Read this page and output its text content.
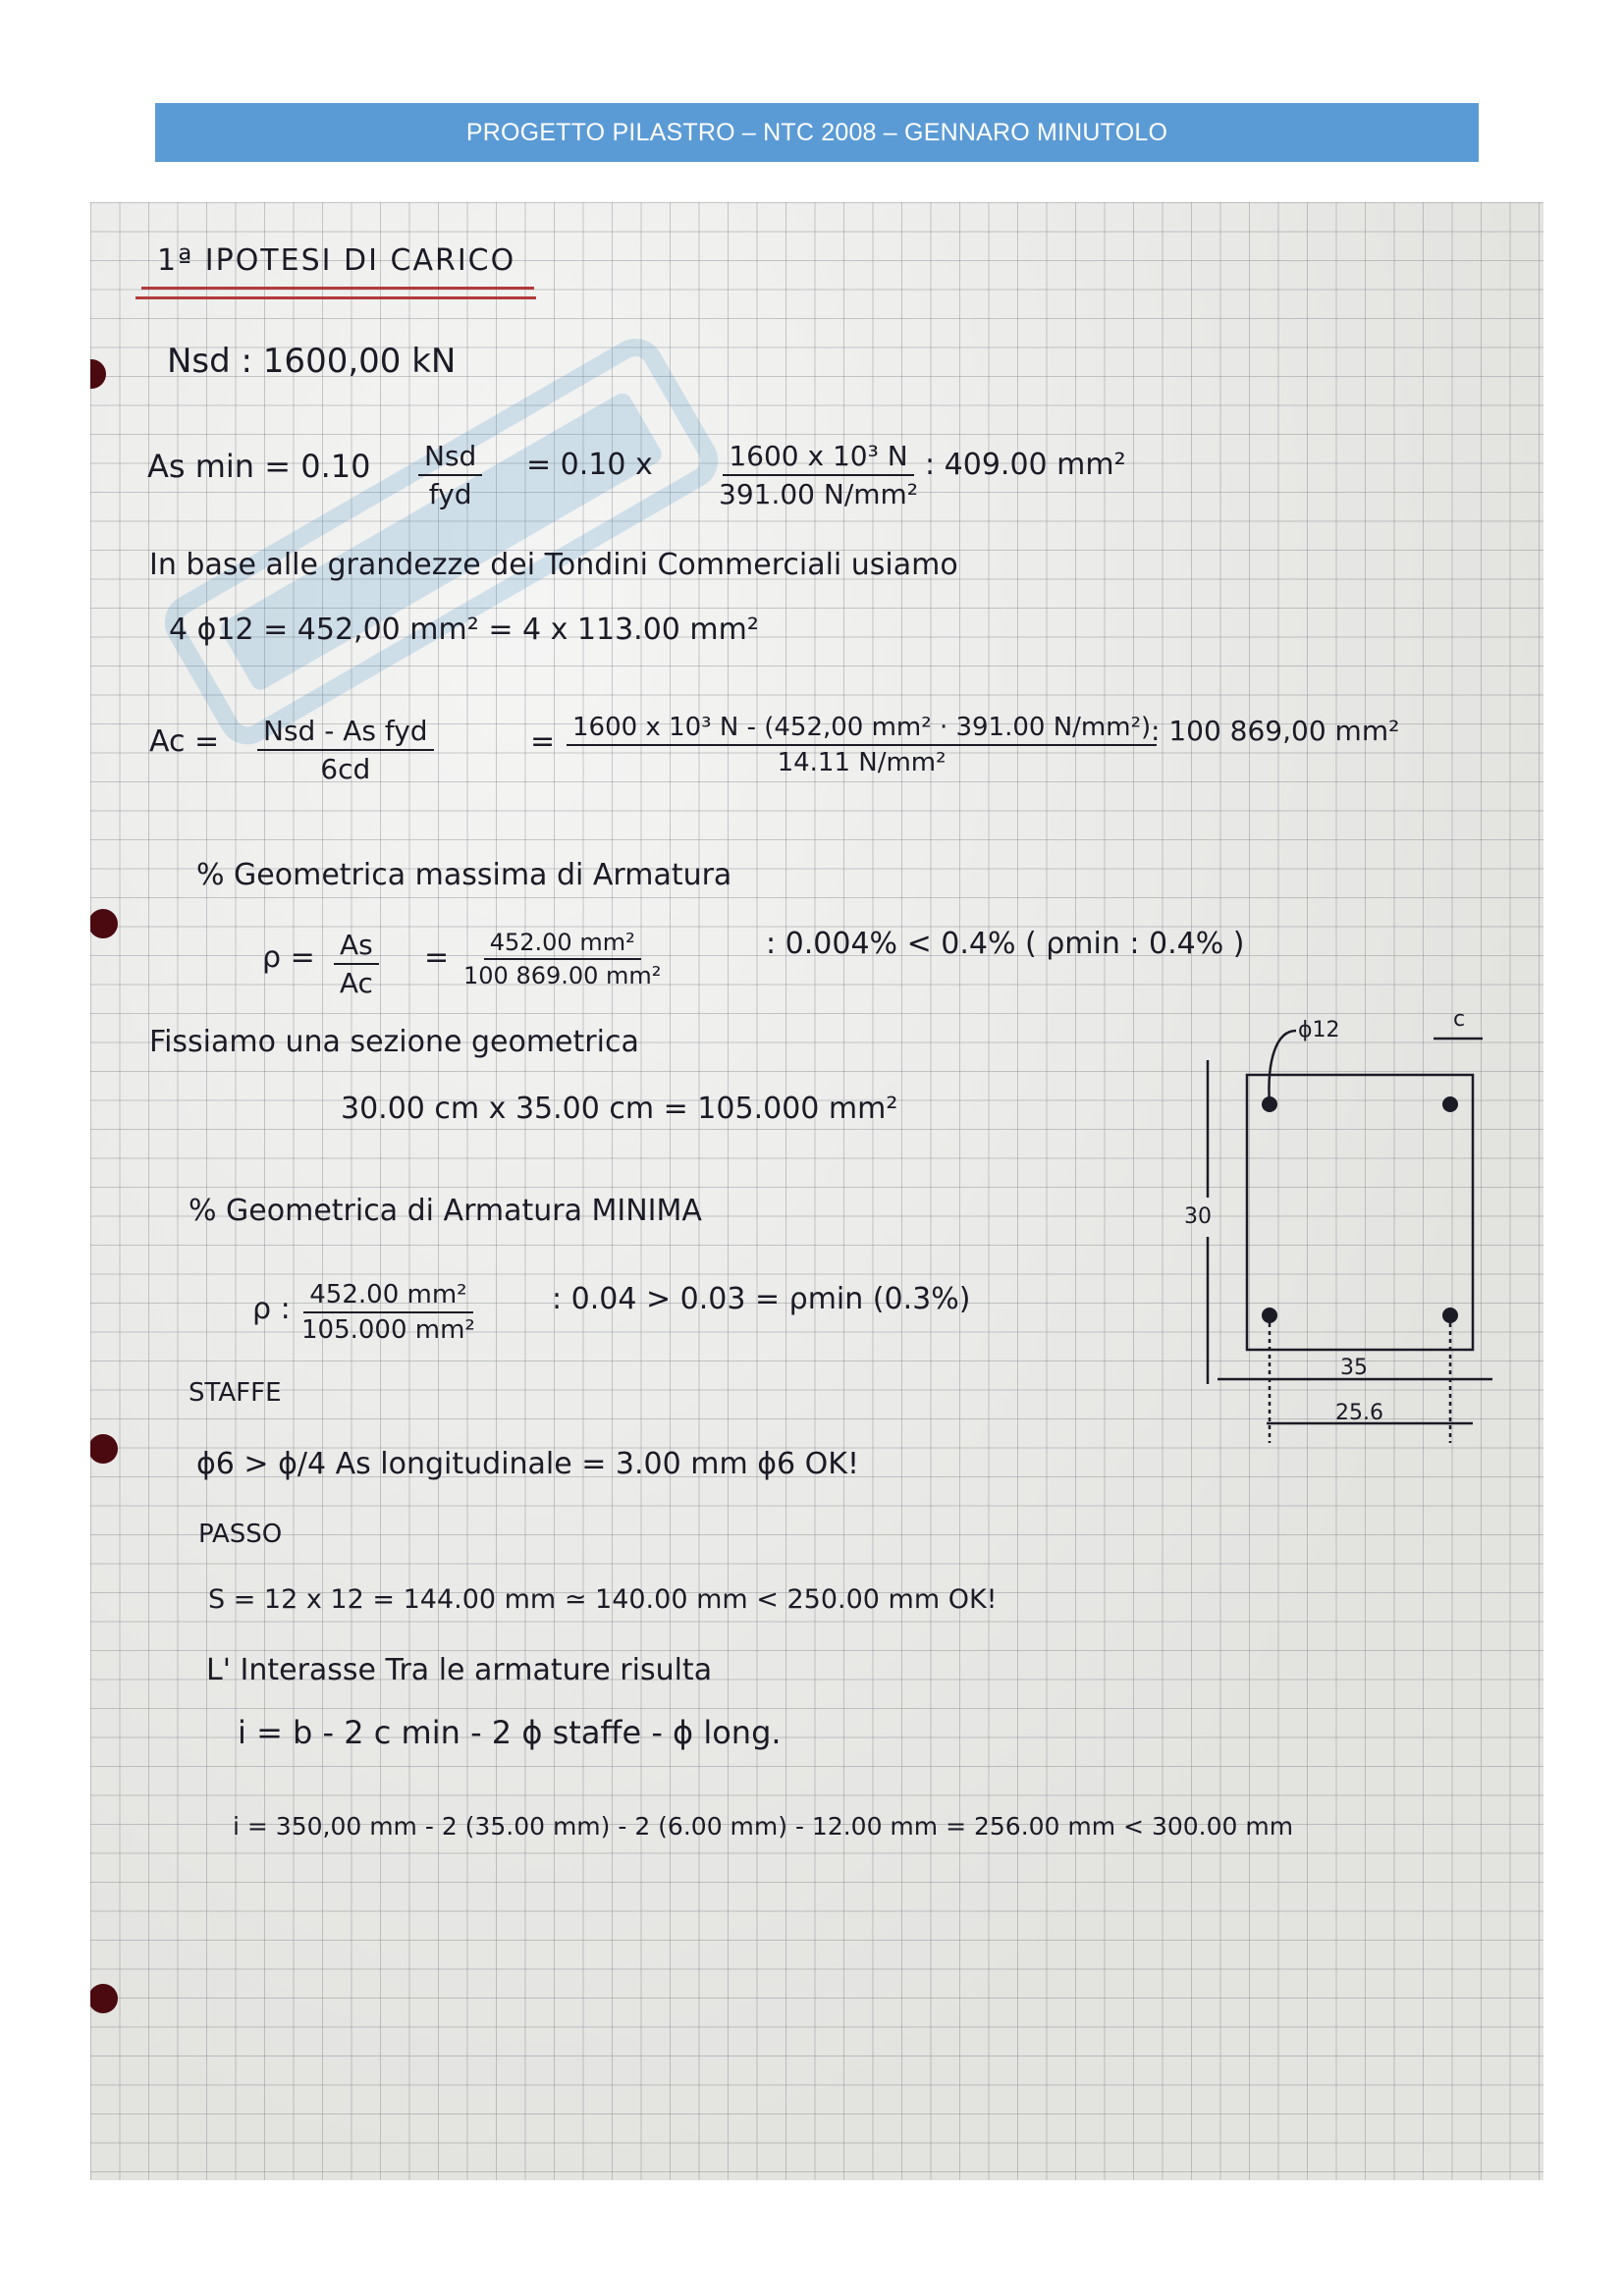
PROGETTO PILASTRO – NTC 2008 – GENNARO MINUTOLO
1ª IPOTESI DI CARICO
Nsd : 1600,00 kN
As min = 0.10 Nsd
fyd
= 0.10 x $\frac{\text{1600 x 10³ N}}{\text{391.00 N/mm²}}$ : 409.00 mm²
In base alle grandezze dei Tondini Commerciali usiamo
4 ϕ12 = 452,00 mm² = 4 x 113.00 mm²
Ac = Nsd - As fyd
6cd
= $\frac{\text{1600 x 10³ N - (452,00 mm² · 391.00 N/mm²)}}{\text{14.11 N/mm²}}$
: 100 869,00 mm²
% Geometrica massima di Armatura
$\rho = \frac{As}{Ac} = \frac{\text{452.00 mm²}}{\text{100 869.00 mm²}}$	: 0.004% < 0.4% ( ρmin : 0.4% )
Fissiamo una sezione geometrica
30.00 cm x 35.00 cm = 105.000 mm²
% Geometrica di Armatura MINIMA
ρ : $\frac{\text{452.00 mm²}}{\text{105.000 mm²}}$	: 0.04 > 0.03 = ρmin (0.3%)
STAFFE
ϕ6 > ϕ/4 As longitudinale = 3.00 mm ϕ6 OK!
PASSO
S = 12 x 12 = 144.00 mm ≃ 140.00 mm < 250.00 mm OK!
L' Interasse Tra le armature risulta
i = b - 2 c min - 2 ϕ staffe - ϕ long.
i = 350,00 mm - 2 (35.00 mm) - 2 (6.00 mm) - 12.00 mm = 256.00 mm < 300.00 mm
ϕ12	c
30
35
25.6
